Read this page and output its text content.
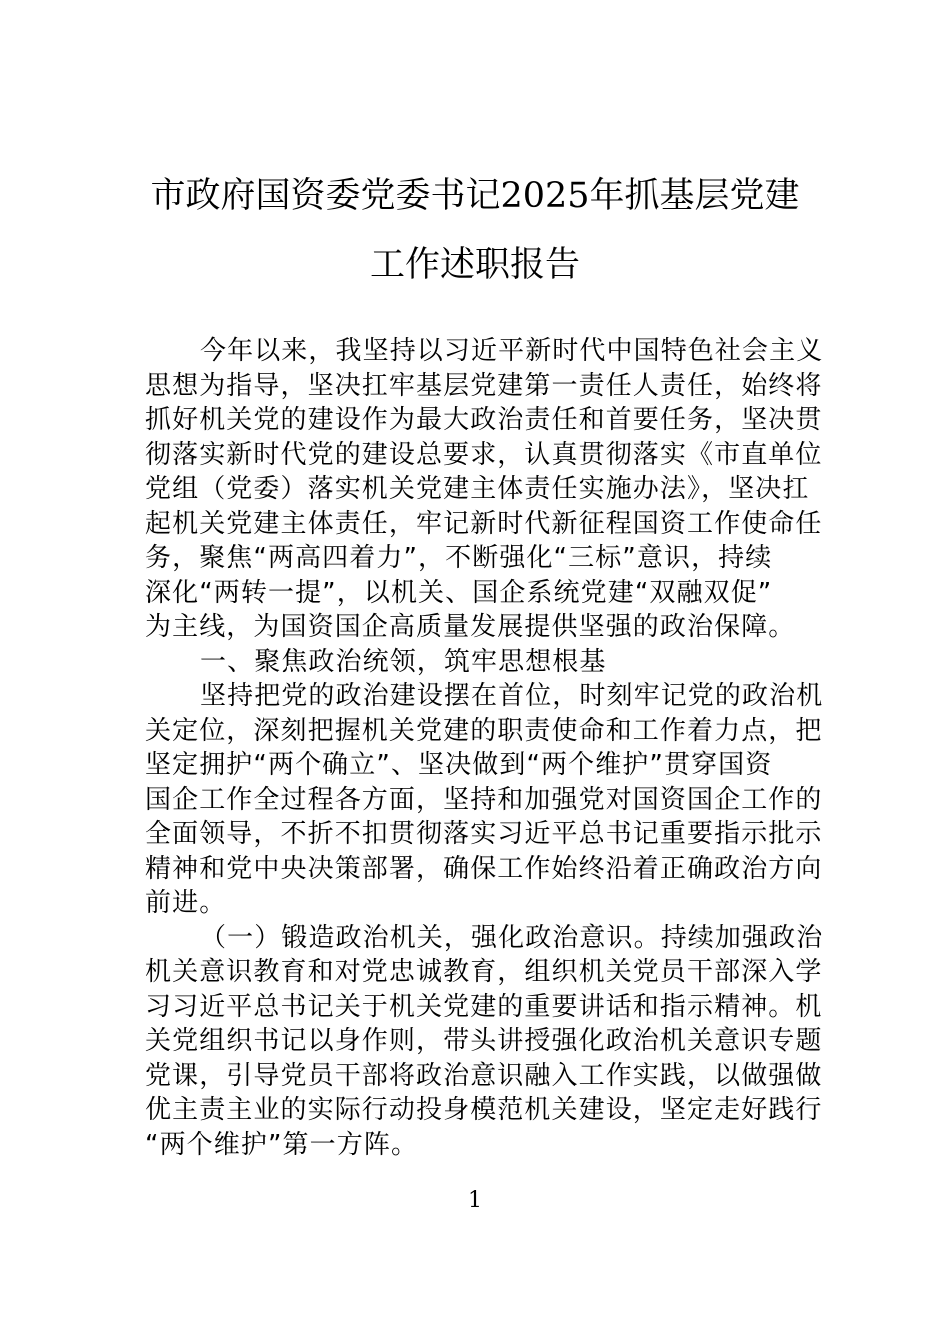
市政府国资委党委书记2025年抓基层党建
工作述职报告
今年以来，我坚持以习近平新时代中国特色社会主义
思想为指导，坚决扛牢基层党建第一责任人责任，始终将
抓好机关党的建设作为最大政治责任和首要任务，坚决贯
彻落实新时代党的建设总要求，认真贯彻落实《市直单位
党组（党委）落实机关党建主体责任实施办法》，坚决扛
起机关党建主体责任，牢记新时代新征程国资工作使命任
务，聚焦“两高四着力”，不断强化“三标”意识，持续
深化“两转一提”，以机关、国企系统党建“双融双促”
为主线，为国资国企高质量发展提供坚强的政治保障。
一、聚焦政治统领，筑牢思想根基
坚持把党的政治建设摆在首位，时刻牢记党的政治机
关定位，深刻把握机关党建的职责使命和工作着力点，把
坚定拥护“两个确立”、坚决做到“两个维护”贯穿国资
国企工作全过程各方面，坚持和加强党对国资国企工作的
全面领导，不折不扣贯彻落实习近平总书记重要指示批示
精神和党中央决策部署，确保工作始终沿着正确政治方向
前进。
（一）锻造政治机关，强化政治意识。持续加强政治
机关意识教育和对党忠诚教育，组织机关党员干部深入学
习习近平总书记关于机关党建的重要讲话和指示精神。机
关党组织书记以身作则，带头讲授强化政治机关意识专题
党课，引导党员干部将政治意识融入工作实践，以做强做
优主责主业的实际行动投身模范机关建设，坚定走好践行
“两个维护”第一方阵。
1
